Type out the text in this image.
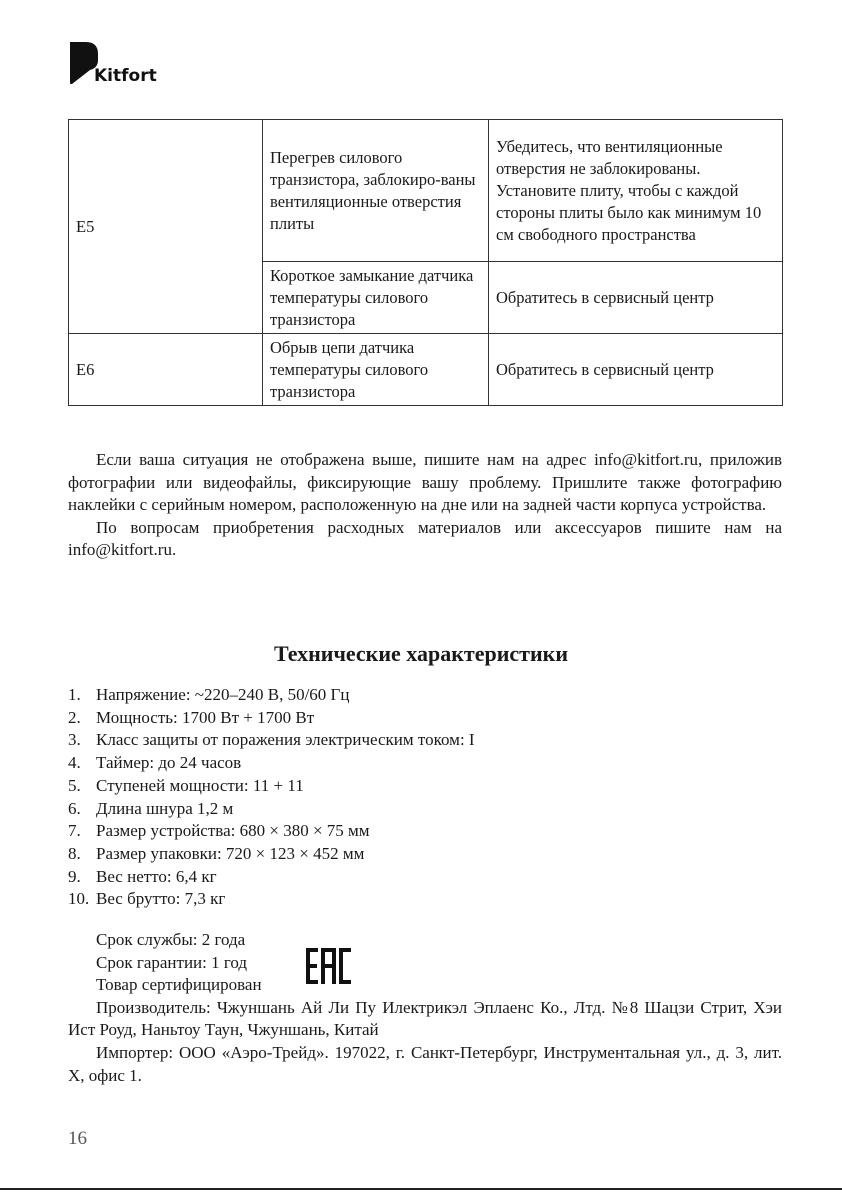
Kitfort
E5	Перегрев силового транзистора, заблокиро-ваны вентиляционные отверстия плиты	Убедитесь, что вентиляционные отверстия не заблокированы. Установите плиту, чтобы с каждой стороны плиты было как минимум 10 см свободного пространства
	Короткое замыкание датчика температуры силового транзистора	Обратитесь в сервисный центр
E6	Обрыв цепи датчика температуры силового транзистора	Обратитесь в сервисный центр

Если ваша ситуация не отображена выше, пишите нам на адрес info@kitfort.ru, приложив фотографии или видеофайлы, фиксирующие вашу проблему. Пришлите также фотографию наклейки с серийным номером, расположенную на дне или на задней части корпуса устройства.

По вопросам приобретения расходных материалов или аксессуаров пишите нам на info@kitfort.ru.

Технические характеристики
1. Напряжение: ~220–240 В, 50/60 Гц
2. Мощность: 1700 Вт + 1700 Вт
3. Класс защиты от поражения электрическим током: I
4. Таймер: до 24 часов
5. Ступеней мощности: 11 + 11
6. Длина шнура 1,2 м
7. Размер устройства: 680 × 380 × 75 мм
8. Размер упаковки: 720 × 123 × 452 мм
9. Вес нетто: 6,4 кг
10. Вес брутто: 7,3 кг
Срок службы: 2 года
Срок гарантии: 1 год
Товар сертифицирован

Производитель: Чжуншань Ай Ли Пу Илектрикэл Эплаенс Ко., Лтд. №8 Шацзи Стрит, Хэи Ист Роуд, Наньтоу Таун, Чжуншань, Китай

Импортер: ООО «Аэро-Трейд». 197022, г. Санкт-Петербург, Инструментальная ул., д. 3, лит. Х, офис 1.

16
